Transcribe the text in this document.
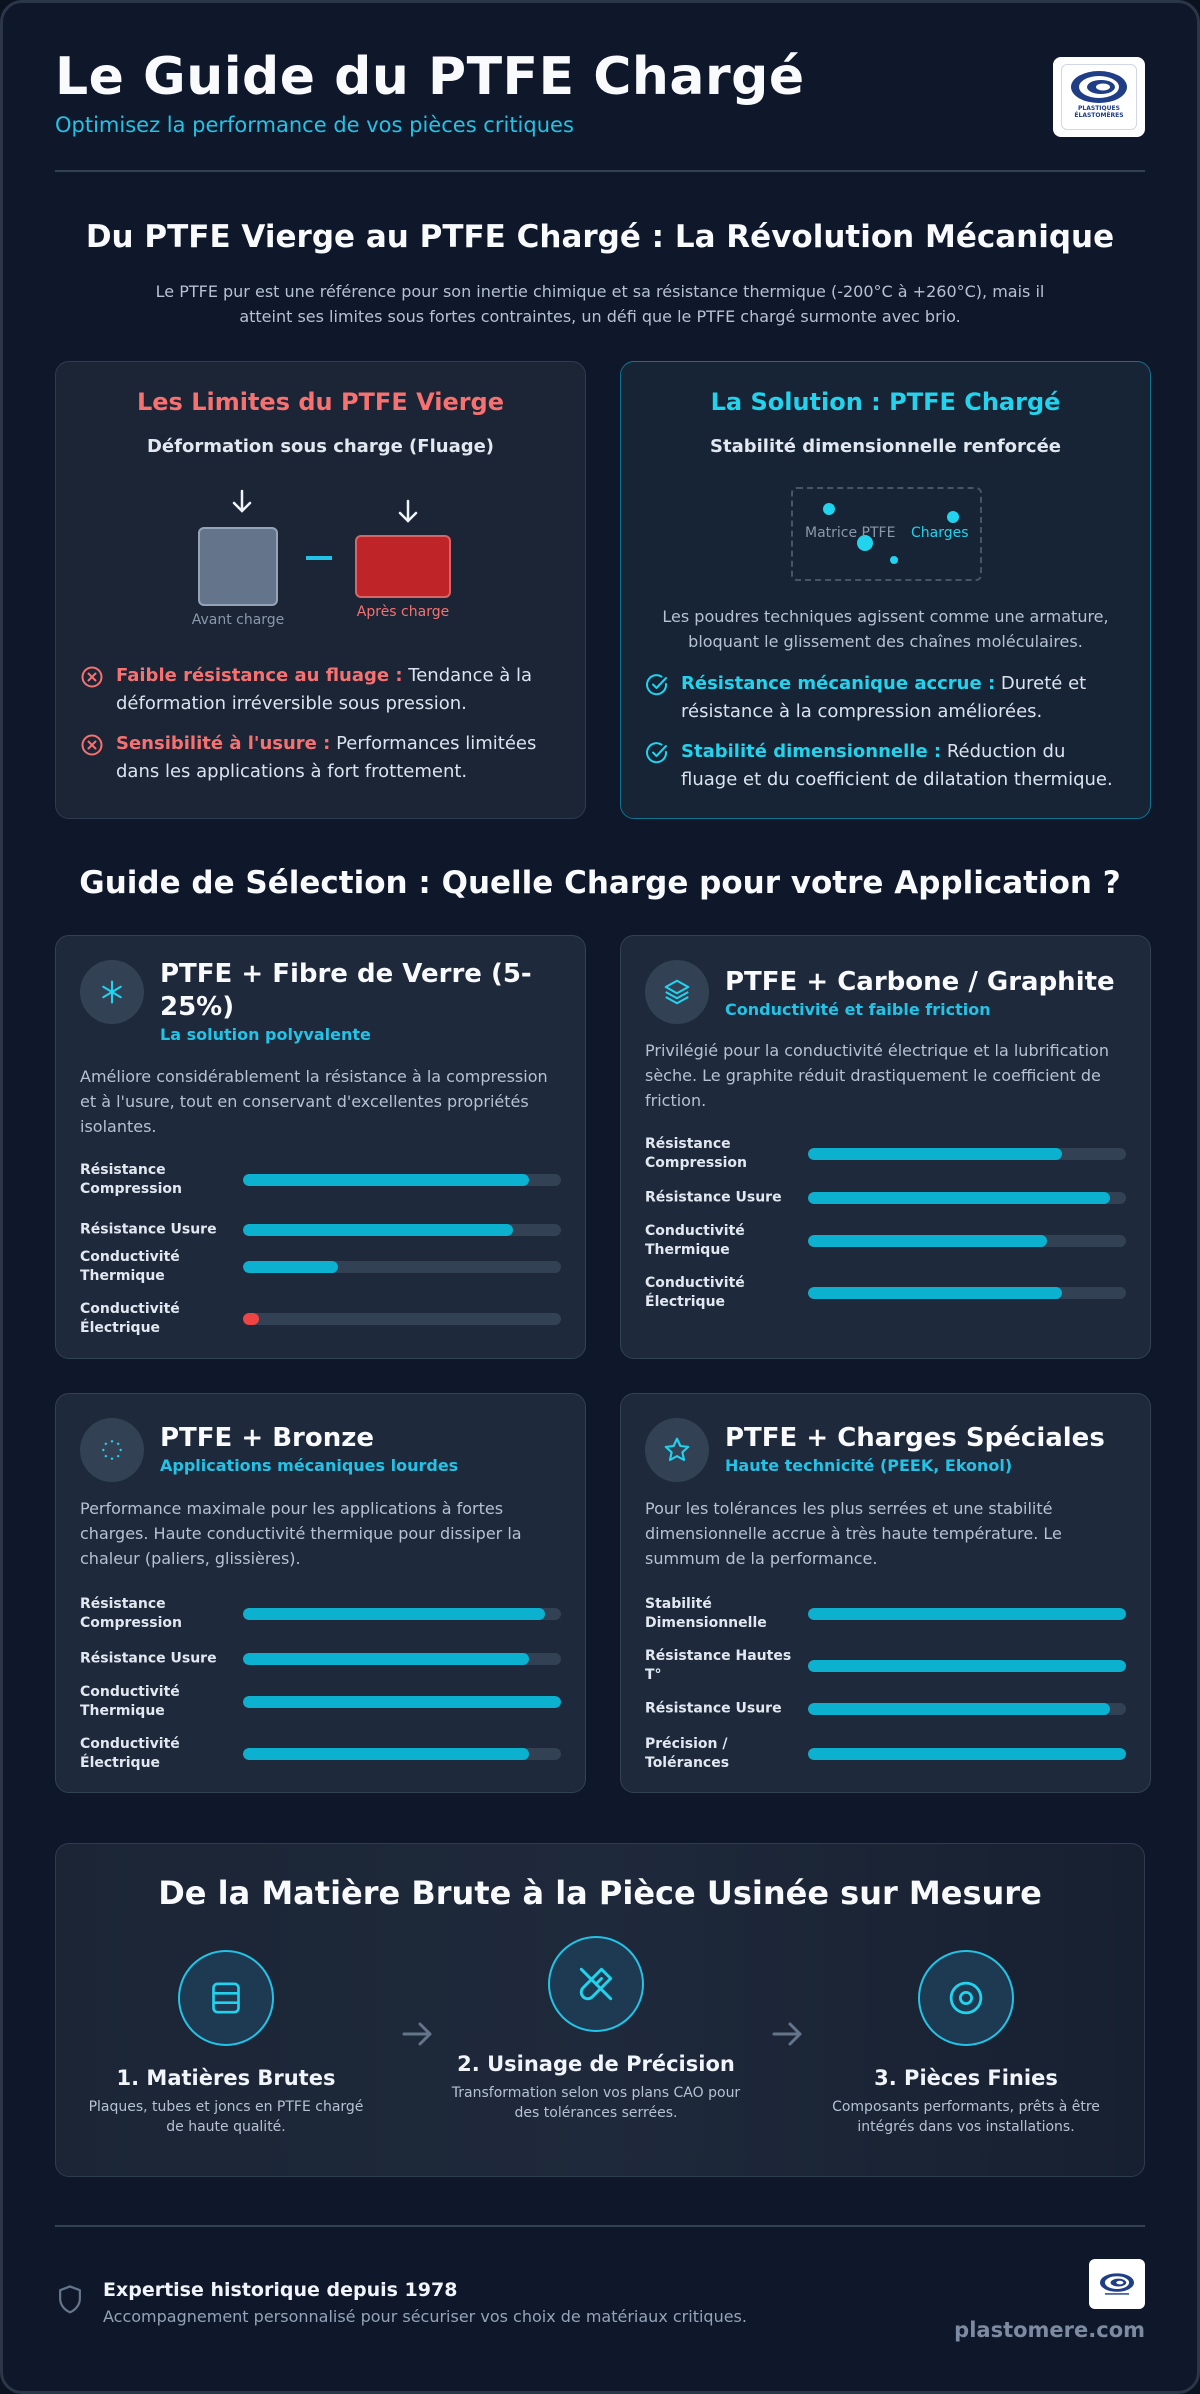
Le Guide du PTFE Chargé
Optimisez la performance de vos pièces critiques
PLASTIQUES
ÉLASTOMÈRES
Du PTFE Vierge au PTFE Chargé : La Révolution Mécanique
Le PTFE pur est une référence pour son inertie chimique et sa résistance thermique (-200°C à +260°C), mais il atteint ses limites sous fortes contraintes, un défi que le PTFE chargé surmonte avec brio.
Les Limites du PTFE Vierge
Déformation sous charge (Fluage)
Avant charge	Après charge
Faible résistance au fluage : Tendance à la déformation irréversible sous pression.
Sensibilité à l'usure : Performances limitées dans les applications à fort frottement.
La Solution : PTFE Chargé
Stabilité dimensionnelle renforcée
Matrice PTFE Charges
Les poudres techniques agissent comme une armature, bloquant le glissement des chaînes moléculaires.
Résistance mécanique accrue : Dureté et résistance à la compression améliorées.
Stabilité dimensionnelle : Réduction du fluage et du coefficient de dilatation thermique.
Guide de Sélection : Quelle Charge pour votre Application ?
PTFE + Fibre de Verre (5-25%)
La solution polyvalente
Améliore considérablement la résistance à la compression et à l'usure, tout en conservant d'excellentes propriétés isolantes.
Résistance Compression
Résistance Usure
Conductivité Thermique
Conductivité Électrique
PTFE + Carbone / Graphite
Conductivité et faible friction
Privilégié pour la conductivité électrique et la lubrification sèche. Le graphite réduit drastiquement le coefficient de friction.
Résistance Compression
Résistance Usure
Conductivité Thermique
Conductivité Électrique
PTFE + Bronze
Applications mécaniques lourdes
Performance maximale pour les applications à fortes charges. Haute conductivité thermique pour dissiper la chaleur (paliers, glissières).
Résistance Compression
Résistance Usure
Conductivité Thermique
Conductivité Électrique
PTFE + Charges Spéciales
Haute technicité (PEEK, Ekonol)
Pour les tolérances les plus serrées et une stabilité dimensionnelle accrue à très haute température. Le summum de la performance.
Stabilité Dimensionnelle
Résistance Hautes T°
Résistance Usure
Précision / Tolérances
De la Matière Brute à la Pièce Usinée sur Mesure
1. Matières Brutes
Plaques, tubes et joncs en PTFE chargé de haute qualité.
2. Usinage de Précision
Transformation selon vos plans CAO pour des tolérances serrées.
3. Pièces Finies
Composants performants, prêts à être intégrés dans vos installations.
Expertise historique depuis 1978
Accompagnement personnalisé pour sécuriser vos choix de matériaux critiques.
plastomere.com
